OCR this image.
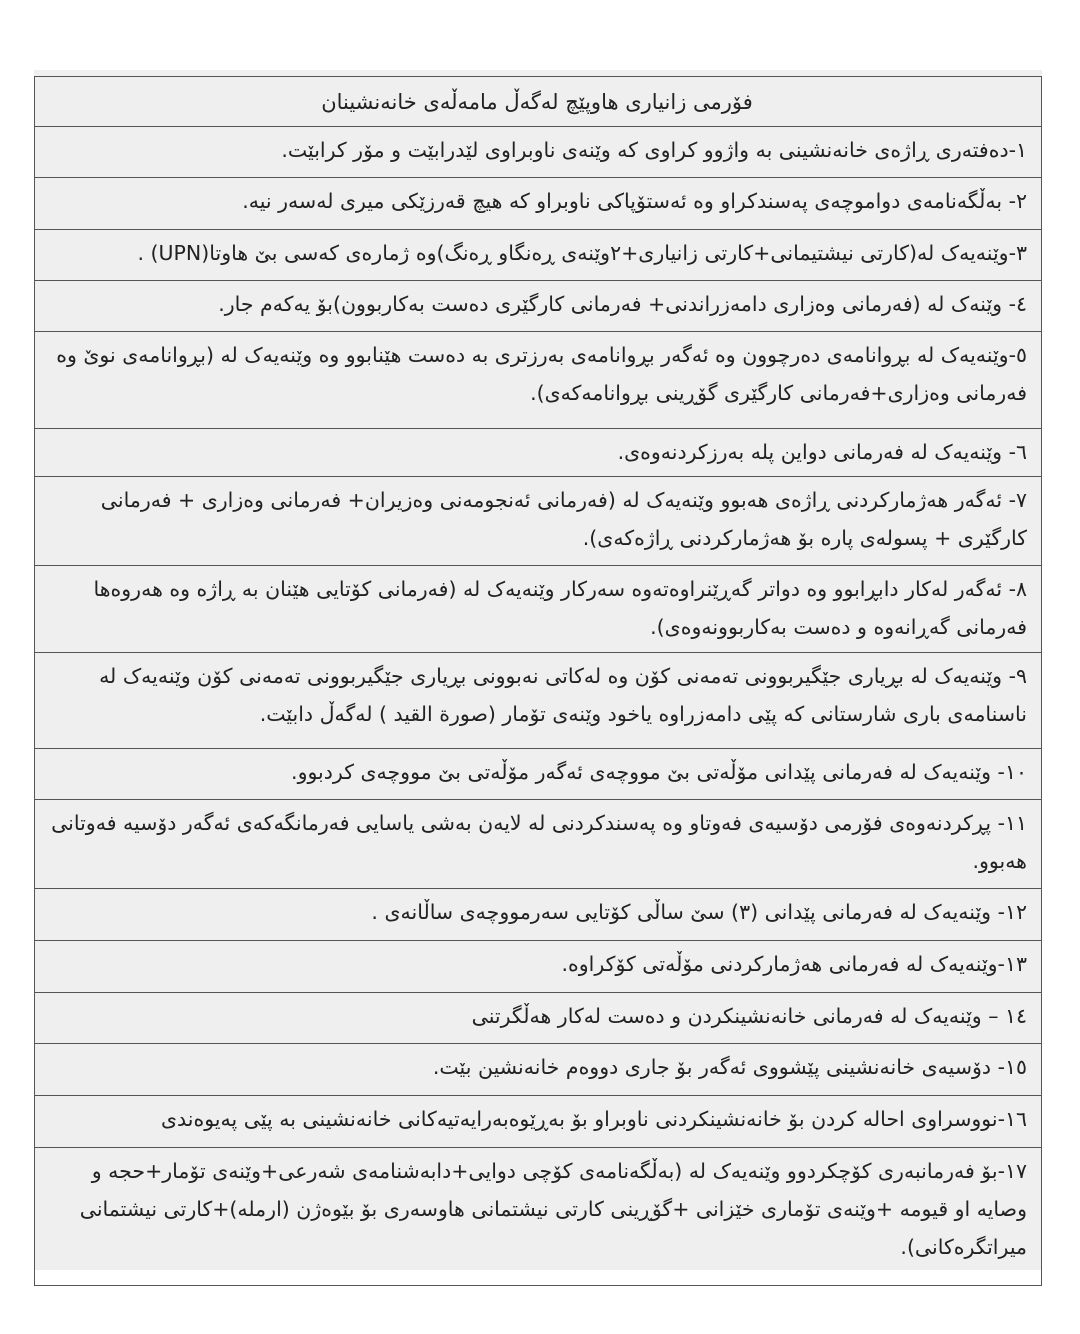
فۆرمی زانیاری هاوپێچ لەگەڵ مامەڵەی خانەنشینان
١-دەفتەری ڕاژەی خانەنشینی بە واژوو کراوی کە وێنەی ناوبراوی لێدرابێت و مۆر کرابێت.
٢- بەڵگەنامەی دواموچەی پەسندکراو وە ئەستۆپاکی ناوبراو کە هیچ قەرزێکی میری لەسەر نیە.
٣-وێنەیەک لە(کارتی نیشتیمانی+کارتی زانیاری+٢وێنەی ڕەنگاو ڕەنگ)وە ژمارەی کەسی بێ هاوتا(UPN) .
٤- وێنەک لە (فەرمانی وەزاری دامەزراندنی+ فەرمانی کارگێری دەست بەکاربوون)بۆ یەکەم جار.
٥-وێنەیەک لە بڕوانامەی دەرچوون وە ئەگەر بڕوانامەی بەرزتری بە دەست هێنابوو وە وێنەیەک لە (بڕوانامەی نوێ وە فەرمانی وەزاری+فەرمانی کارگێری گۆڕینی بڕوانامەکەی).
٦- وێنەیەک لە فەرمانی دواین پلە بەرزکردنەوەی.
٧- ئەگەر هەژمارکردنی ڕاژەی هەبوو وێنەیەک لە (فەرمانی ئەنجومەنی وەزیران+ فەرمانی وەزاری + فەرمانی کارگێری + پسولەی پارە بۆ هەژمارکردنی ڕاژەکەی).
٨- ئەگەر لەکار دابڕابوو وە دواتر گەڕێنراوەتەوە سەرکار وێنەیەک لە (فەرمانی کۆتایی هێنان بە ڕاژە وە هەروەها فەرمانی گەڕانەوە و دەست بەکاربوونەوەی).
٩- وێنەیەک لە بڕیاری جێگیربوونی تەمەنی کۆن وە لەکاتی نەبوونی بڕیاری جێگیربوونی تەمەنی کۆن وێنەیەک لە ناسنامەی باری شارستانی کە پێی دامەزراوە یاخود وێنەی تۆمار (صورة القيد ) لەگەڵ دابێت.
١٠- وێنەیەک لە فەرمانی پێدانی مۆڵەتی بێ مووچەی ئەگەر مۆڵەتی بێ مووچەی کردبوو.
١١- پڕکردنەوەی فۆرمی دۆسیەی فەوتاو وە پەسندکردنی لە لایەن بەشی یاسایی فەرمانگەکەی ئەگەر دۆسیە فەوتانی هەبوو.
١٢- وێنەیەک لە فەرمانی پێدانی (٣) سێ ساڵی کۆتایی سەرمووچەی ساڵانەی .
١٣-وێنەیەک لە فەرمانی هەژمارکردنی مۆڵەتی کۆکراوە.
١٤ – وێنەیەک لە فەرمانی خانەنشینکردن و دەست لەکار هەڵگرتنی
١٥- دۆسیەی خانەنشینی پێشووی ئەگەر بۆ جاری دووەم خانەنشین بێت.
١٦-نووسراوی احالە کردن بۆ خانەنشینکردنی ناوبراو بۆ بەڕێوەبەرایەتیەکانی خانەنشینی بە پێی پەیوەندی
١٧-بۆ فەرمانبەری کۆچکردوو وێنەیەک لە (بەڵگەنامەی کۆچی دوایی+دابەشنامەی شەرعی+وێنەی تۆمار+حجە و وصایە او قیومە +وێنەی تۆماری خێزانی +گۆڕینی کارتی نیشتمانی هاوسەری بۆ بێوەژن (ارملە)+کارتی نیشتمانی میراتگرەکانی).
